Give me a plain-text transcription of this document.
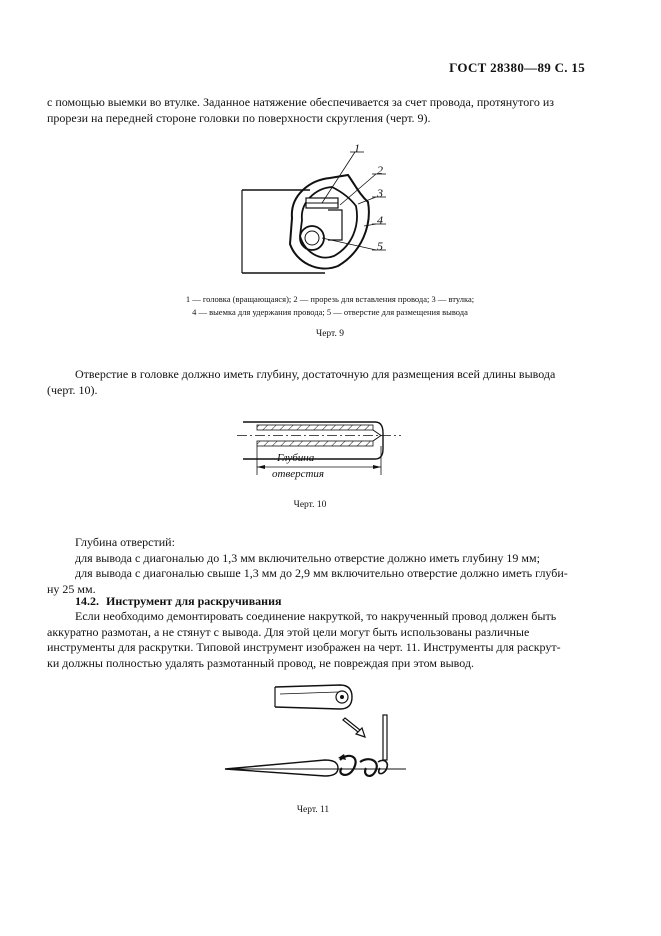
ГОСТ 28380—89 С. 15

с помощью выемки во втулке. Заданное натяжение обеспечивается за счет провода, протянутого из

прорези на передней стороне головки по поверхности скругления (черт. 9).

1
2
3
4
5
1 — головка (вращающаяся); 2 — прорезь для вставления провода; 3 — втулка;
4 — выемка для удержания провода; 5 — отверстие для размещения вывода
Черт. 9

Отверстие в головке должно иметь глубину, достаточную для размещения всей длины вывода

(черт. 10).

Глубина
отверстия
Черт. 10

Глубина отверстий:

для вывода с диагональю до 1,3 мм включительно отверстие должно иметь глубину 19 мм;

для вывода с диагональю свыше 1,3 мм до 2,9 мм включительно отверстие должно иметь глуби-

ну 25 мм.

14.2. Инструмент для раскручивания

Если необходимо демонтировать соединение накруткой, то накрученный провод должен быть

аккуратно размотан, а не стянут с вывода. Для этой цели могут быть использованы различные

инструменты для раскрутки. Типовой инструмент изображен на черт. 11. Инструменты для раскрут-

ки должны полностью удалять размотанный провод, не повреждая при этом вывод.

Черт. 11
